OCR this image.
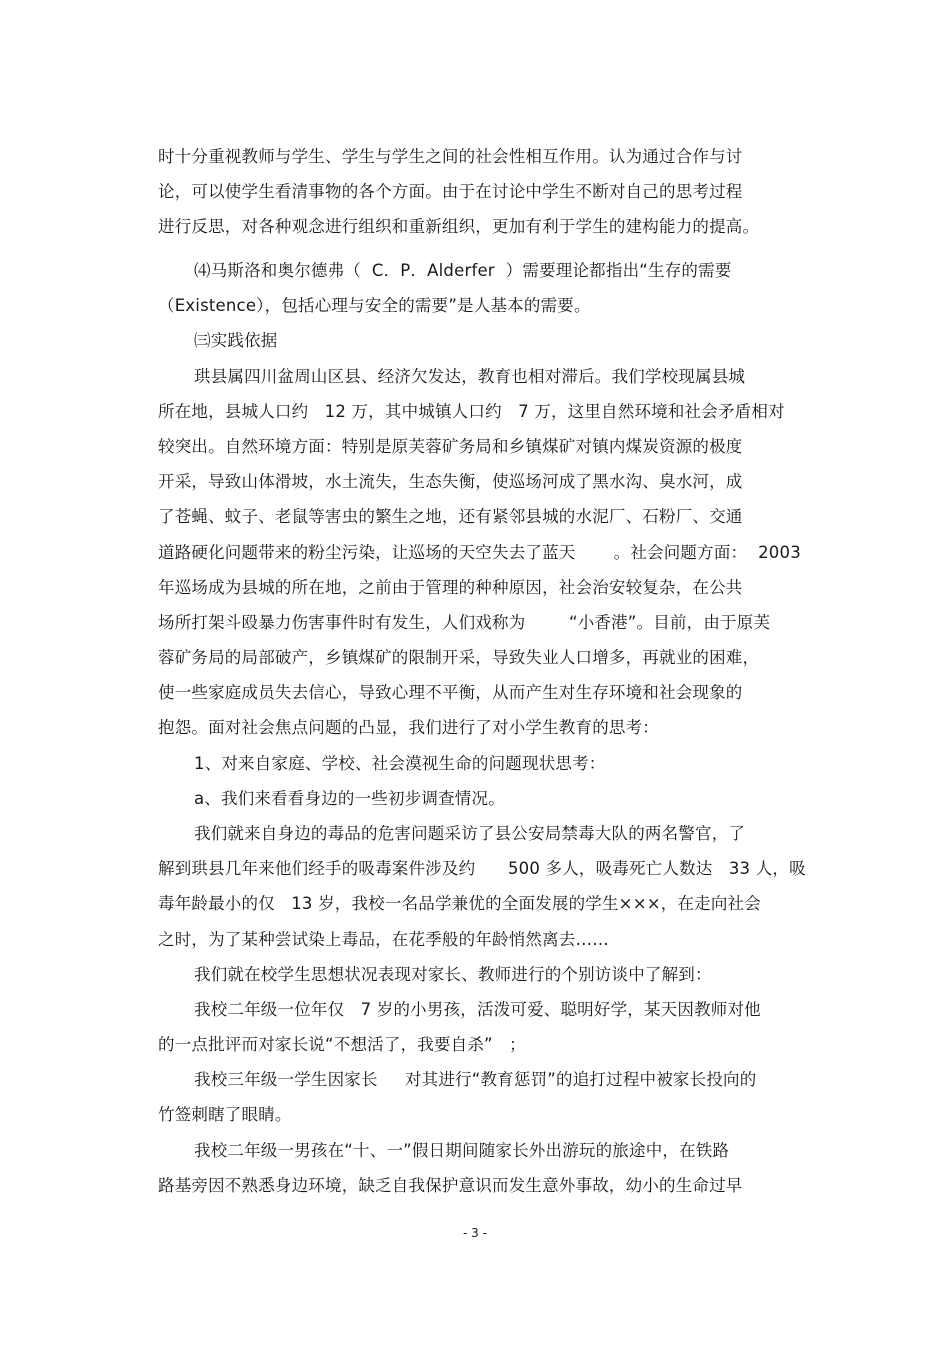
时十分重视教师与学生、学生与学生之间的社会性相互作用。认为通过合作与讨
论，可以使学生看清事物的各个方面。由于在讨论中学生不断对自己的思考过程
进行反思，对各种观念进行组织和重新组织，更加有利于学生的建构能力的提高。
⑷马斯洛和奥尔德弗（  C．P．Alderfer  ）需要理论都指出“生存的需要
（Existence），包括心理与安全的需要”是人基本的需要。
㈢实践依据
珙县属四川盆周山区县、经济欠发达，教育也相对滞后。我们学校现属县城
所在地，县城人口约   12 万，其中城镇人口约   7 万，这里自然环境和社会矛盾相对
较突出。自然环境方面：特别是原芙蓉矿务局和乡镇煤矿对镇内煤炭资源的极度
开采，导致山体滑坡，水土流失，生态失衡，使巡场河成了黑水沟、臭水河，成
了苍蝇、蚊子、老鼠等害虫的繁生之地，还有紧邻县城的水泥厂、石粉厂、交通
道路硬化问题带来的粉尘污染，让巡场的天空失去了蓝天       。社会问题方面：  2003
年巡场成为县城的所在地，之前由于管理的种种原因，社会治安较复杂，在公共
场所打架斗殴暴力伤害事件时有发生，人们戏称为        “小香港”。目前，由于原芙
蓉矿务局的局部破产，乡镇煤矿的限制开采，导致失业人口增多，再就业的困难，
使一些家庭成员失去信心，导致心理不平衡，从而产生对生存环境和社会现象的
抱怨。面对社会焦点问题的凸显，我们进行了对小学生教育的思考：
1、对来自家庭、学校、社会漠视生命的问题现状思考：
a、我们来看看身边的一些初步调查情况。
我们就来自身边的毒品的危害问题采访了县公安局禁毒大队的两名警官，了
解到珙县几年来他们经手的吸毒案件涉及约      500 多人，吸毒死亡人数达   33 人，吸
毒年龄最小的仅   13 岁，我校一名品学兼优的全面发展的学生×××，在走向社会
之时，为了某种尝试染上毒品，在花季般的年龄悄然离去……
我们就在校学生思想状况表现对家长、教师进行的个别访谈中了解到：
我校二年级一位年仅   7 岁的小男孩，活泼可爱、聪明好学，某天因教师对他
的一点批评而对家长说“不想活了，我要自杀”   ；
我校三年级一学生因家长     对其进行“教育惩罚”的追打过程中被家长投向的
竹签刺瞎了眼睛。
我校二年级一男孩在“十、一”假日期间随家长外出游玩的旅途中，在铁路
路基旁因不熟悉身边环境，缺乏自我保护意识而发生意外事故，幼小的生命过早
- 3 -
